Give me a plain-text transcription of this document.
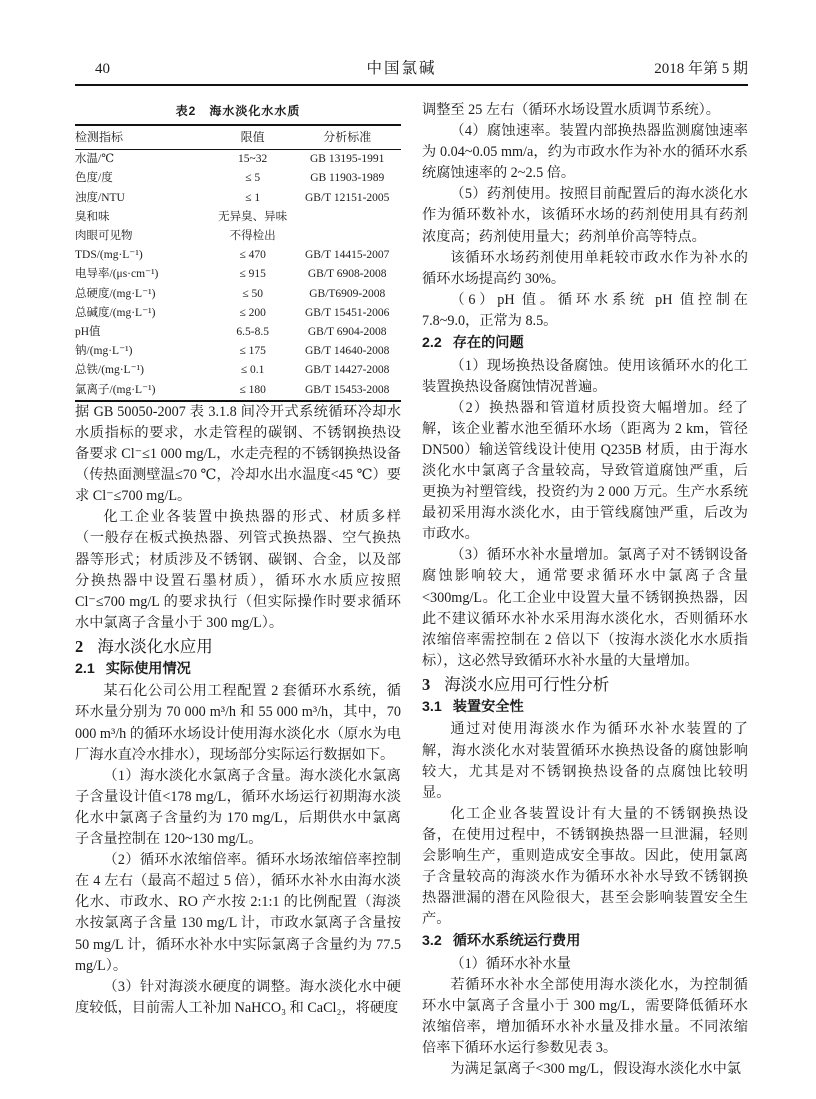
40	中国氯碱	2018 年第 5 期
表2　海水淡化水水质
检测指标	限值	分析标准
水温/℃	15~32	GB 13195-1991
色度/度	≤ 5	GB 11903-1989
浊度/NTU	≤ 1	GB/T 12151-2005
臭和味	无异臭、异味	
肉眼可见物	不得检出	
TDS/(mg·L⁻¹)	≤ 470	GB/T 14415-2007
电导率/(μs·cm⁻¹)	≤ 915	GB/T 6908-2008
总硬度/(mg·L⁻¹)	≤ 50	GB/T6909-2008
总碱度/(mg·L⁻¹)	≤ 200	GB/T 15451-2006
pH值	6.5-8.5	GB/T 6904-2008
钠/(mg·L⁻¹)	≤ 175	GB/T 14640-2008
总铁/(mg·L⁻¹)	≤ 0.1	GB/T 14427-2008
氯离子/(mg·L⁻¹)	≤ 180	GB/T 15453-2008

据 GB 50050-2007 表 3.1.8 间冷开式系统循环冷却水水质指标的要求，水走管程的碳钢、不锈钢换热设备要求 Cl⁻≤1 000 mg/L，水走壳程的不锈钢换热设备（传热面测壁温≤70 ℃，冷却水出水温度<45 ℃）要求 Cl⁻≤700 mg/L。

化工企业各装置中换热器的形式、材质多样（一般存在板式换热器、列管式换热器、空气换热器等形式；材质涉及不锈钢、碳钢、合金，以及部分换热器中设置石墨材质），循环水水质应按照 Cl⁻≤700 mg/L 的要求执行（但实际操作时要求循环水中氯离子含量小于 300 mg/L）。

2 海水淡化水应用
2.1 实际使用情况

某石化公司公用工程配置 2 套循环水系统，循环水量分别为 70 000 m³/h 和 55 000 m³/h，其中，70 000 m³/h 的循环水场设计使用海水淡化水（原水为电厂海水直冷水排水），现场部分实际运行数据如下。

（1）海水淡化水氯离子含量。海水淡化水氯离子含量设计值<178 mg/L，循环水场运行初期海水淡化水中氯离子含量约为 170 mg/L，后期供水中氯离子含量控制在 120~130 mg/L。

（2）循环水浓缩倍率。循环水场浓缩倍率控制在 4 左右（最高不超过 5 倍），循环水补水由海水淡化水、市政水、RO 产水按 2:1:1 的比例配置（海淡水按氯离子含量 130 mg/L 计，市政水氯离子含量按 50 mg/L 计，循环水补水中实际氯离子含量约为 77.5 mg/L）。

（3）针对海淡水硬度的调整。海水淡化水中硬度较低，目前需人工补加 NaHCO₃ 和 CaCl₂，将硬度

调整至 25 左右（循环水场设置水质调节系统）。

（4）腐蚀速率。装置内部换热器监测腐蚀速率为 0.04~0.05 mm/a，约为市政水作为补水的循环水系统腐蚀速率的 2~2.5 倍。

（5）药剂使用。按照目前配置后的海水淡化水作为循环数补水，该循环水场的药剂使用具有药剂浓度高；药剂使用量大；药剂单价高等特点。

该循环水场药剂使用单耗较市政水作为补水的循环水场提高约 30%。

（6）pH 值。循环水系统 pH 值控制在 7.8~9.0，正常为 8.5。

2.2 存在的问题

（1）现场换热设备腐蚀。使用该循环水的化工装置换热设备腐蚀情况普遍。

（2）换热器和管道材质投资大幅增加。经了解，该企业蓄水池至循环水场（距离为 2 km，管径 DN500）输送管线设计使用 Q235B 材质，由于海水淡化水中氯离子含量较高，导致管道腐蚀严重，后更换为衬塑管线，投资约为 2 000 万元。生产水系统最初采用海水淡化水，由于管线腐蚀严重，后改为市政水。

（3）循环水补水量增加。氯离子对不锈钢设备腐蚀影响较大，通常要求循环水中氯离子含量<300mg/L。化工企业中设置大量不锈钢换热器，因此不建议循环水补水采用海水淡化水，否则循环水浓缩倍率需控制在 2 倍以下（按海水淡化水水质指标），这必然导致循环水补水量的大量增加。

3 海淡水应用可行性分析
3.1 装置安全性

通过对使用海淡水作为循环水补水装置的了解，海水淡化水对装置循环水换热设备的腐蚀影响较大，尤其是对不锈钢换热设备的点腐蚀比较明显。

化工企业各装置设计有大量的不锈钢换热设备，在使用过程中，不锈钢换热器一旦泄漏，轻则会影响生产，重则造成安全事故。因此，使用氯离子含量较高的海淡水作为循环水补水导致不锈钢换热器泄漏的潜在风险很大，甚至会影响装置安全生产。

3.2 循环水系统运行费用

（1）循环水补水量

若循环水补水全部使用海水淡化水，为控制循环水中氯离子含量小于 300 mg/L，需要降低循环水浓缩倍率，增加循环水补水量及排水量。不同浓缩倍率下循环水运行参数见表 3。

为满足氯离子<300 mg/L，假设海水淡化水中氯
